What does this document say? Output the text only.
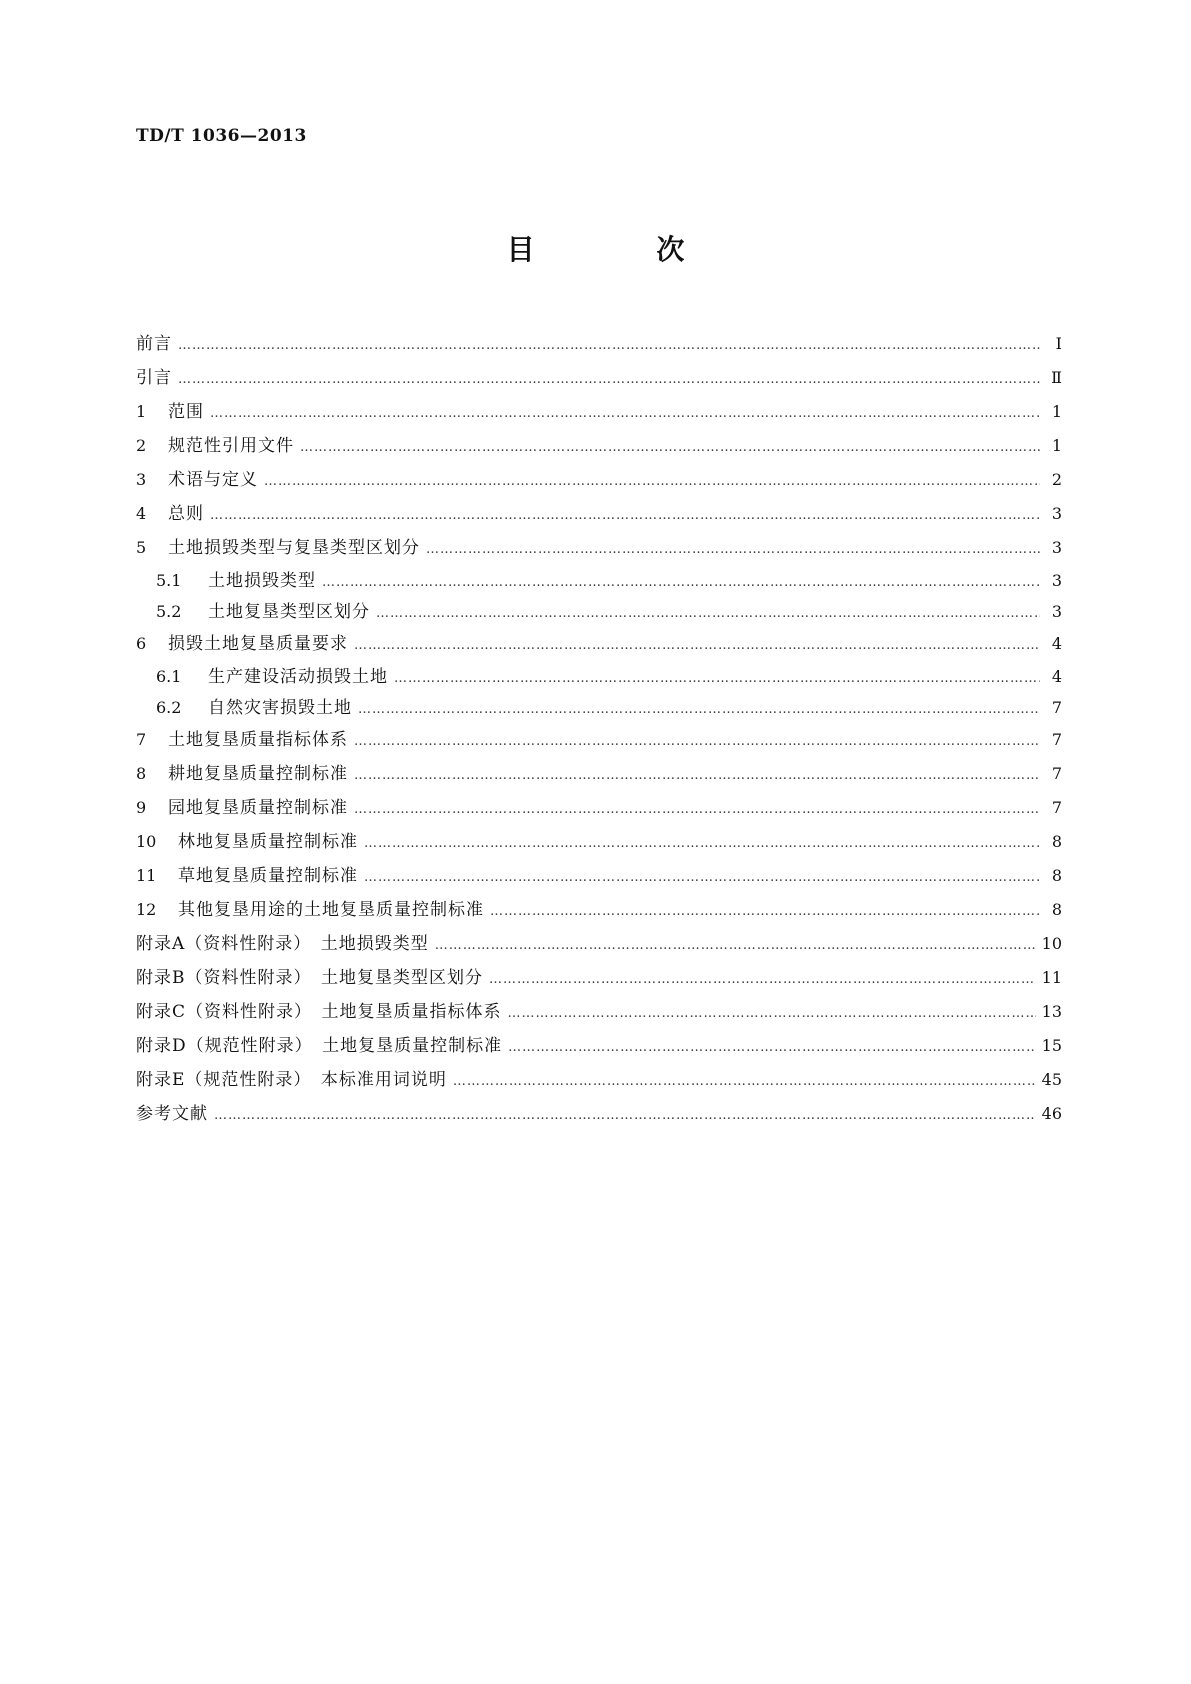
TD/T 1036—2013
目 次
前言 …………………………………………………………………………………………………………………………………………………………………………………………	Ⅰ
引言 …………………………………………………………………………………………………………………………………………………………………………………………	Ⅱ
1	范围 …………………………………………………………………………………………………………………………………………………………………………………………	1
2	规范性引用文件 …………………………………………………………………………………………………………………………………………………………………………………………	1
3	术语与定义 …………………………………………………………………………………………………………………………………………………………………………………………	2
4	总则 …………………………………………………………………………………………………………………………………………………………………………………………	3
5	土地损毁类型与复垦类型区划分 …………………………………………………………………………………………………………………………………………………………………………………………	3
5.1	土地损毁类型 …………………………………………………………………………………………………………………………………………………………………………………………	3
5.2	土地复垦类型区划分 …………………………………………………………………………………………………………………………………………………………………………………………	3
6	损毁土地复垦质量要求 …………………………………………………………………………………………………………………………………………………………………………………………	4
6.1	生产建设活动损毁土地 …………………………………………………………………………………………………………………………………………………………………………………………	4
6.2	自然灾害损毁土地 …………………………………………………………………………………………………………………………………………………………………………………………	7
7	土地复垦质量指标体系 …………………………………………………………………………………………………………………………………………………………………………………………	7
8	耕地复垦质量控制标准 …………………………………………………………………………………………………………………………………………………………………………………………	7
9	园地复垦质量控制标准 …………………………………………………………………………………………………………………………………………………………………………………………	7
10	林地复垦质量控制标准 …………………………………………………………………………………………………………………………………………………………………………………………	8
11	草地复垦质量控制标准 …………………………………………………………………………………………………………………………………………………………………………………………	8
12	其他复垦用途的土地复垦质量控制标准 …………………………………………………………………………………………………………………………………………………………………………………………	8
附录A（资料性附录）　土地损毁类型 …………………………………………………………………………………………………………………………………………………………………………………………	10
附录B（资料性附录）　土地复垦类型区划分 …………………………………………………………………………………………………………………………………………………………………………………………	11
附录C（资料性附录）　土地复垦质量指标体系 …………………………………………………………………………………………………………………………………………………………………………………………	13
附录D（规范性附录）　土地复垦质量控制标准 …………………………………………………………………………………………………………………………………………………………………………………………	15
附录E（规范性附录）　本标准用词说明 …………………………………………………………………………………………………………………………………………………………………………………………	45
参考文献 …………………………………………………………………………………………………………………………………………………………………………………………	46
